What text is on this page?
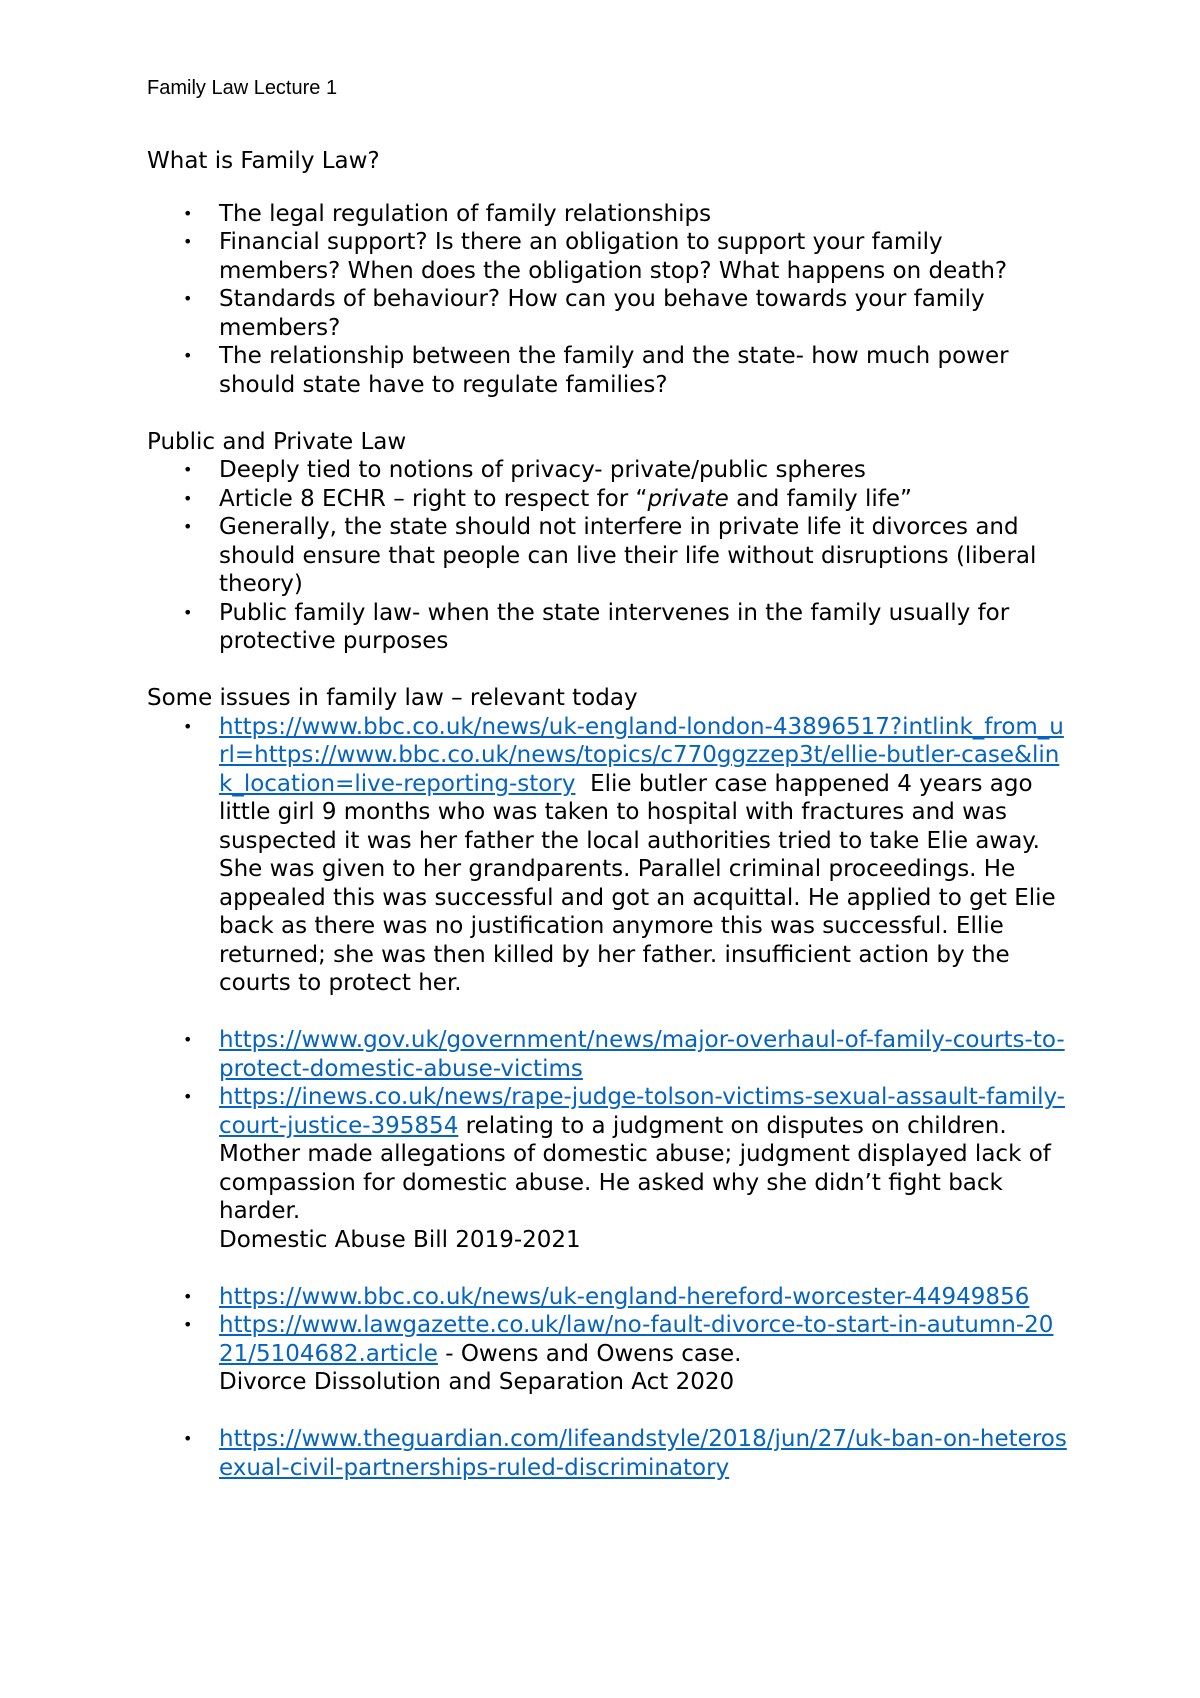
Family Law Lecture 1
What is Family Law?
• The legal regulation of family relationships
• Financial support? Is there an obligation to support your family members? When does the obligation stop? What happens on death?
• Standards of behaviour? How can you behave towards your family members?
• The relationship between the family and the state- how much power should state have to regulate families?
Public and Private Law
• Deeply tied to notions of privacy- private/public spheres
• Article 8 ECHR – right to respect for “private and family life”
• Generally, the state should not interfere in private life it divorces and should ensure that people can live their life without disruptions (liberal theory)
• Public family law- when the state intervenes in the family usually for protective purposes
Some issues in family law – relevant today
• https://www.bbc.co.uk/news/uk-england-london-43896517?intlink_from_url=https://www.bbc.co.uk/news/topics/c770ggzzep3t/ellie-butler-case&link_location=live-reporting-story  Elie butler case happened 4 years ago little girl 9 months who was taken to hospital with fractures and was suspected it was her father the local authorities tried to take Elie away. She was given to her grandparents. Parallel criminal proceedings. He appealed this was successful and got an acquittal. He applied to get Elie back as there was no justification anymore this was successful. Ellie returned; she was then killed by her father. insufficient action by the courts to protect her.
• https://www.gov.uk/government/news/major-overhaul-of-family-courts-to-protect-domestic-abuse-victims
• https://inews.co.uk/news/rape-judge-tolson-victims-sexual-assault-family-court-justice-395854 relating to a judgment on disputes on children. Mother made allegations of domestic abuse; judgment displayed lack of compassion for domestic abuse. He asked why she didn’t fight back harder.
Domestic Abuse Bill 2019-2021
• https://www.bbc.co.uk/news/uk-england-hereford-worcester-44949856
• https://www.lawgazette.co.uk/law/no-fault-divorce-to-start-in-autumn-2021/5104682.article - Owens and Owens case.
Divorce Dissolution and Separation Act 2020
• https://www.theguardian.com/lifeandstyle/2018/jun/27/uk-ban-on-heterosexual-civil-partnerships-ruled-discriminatory
